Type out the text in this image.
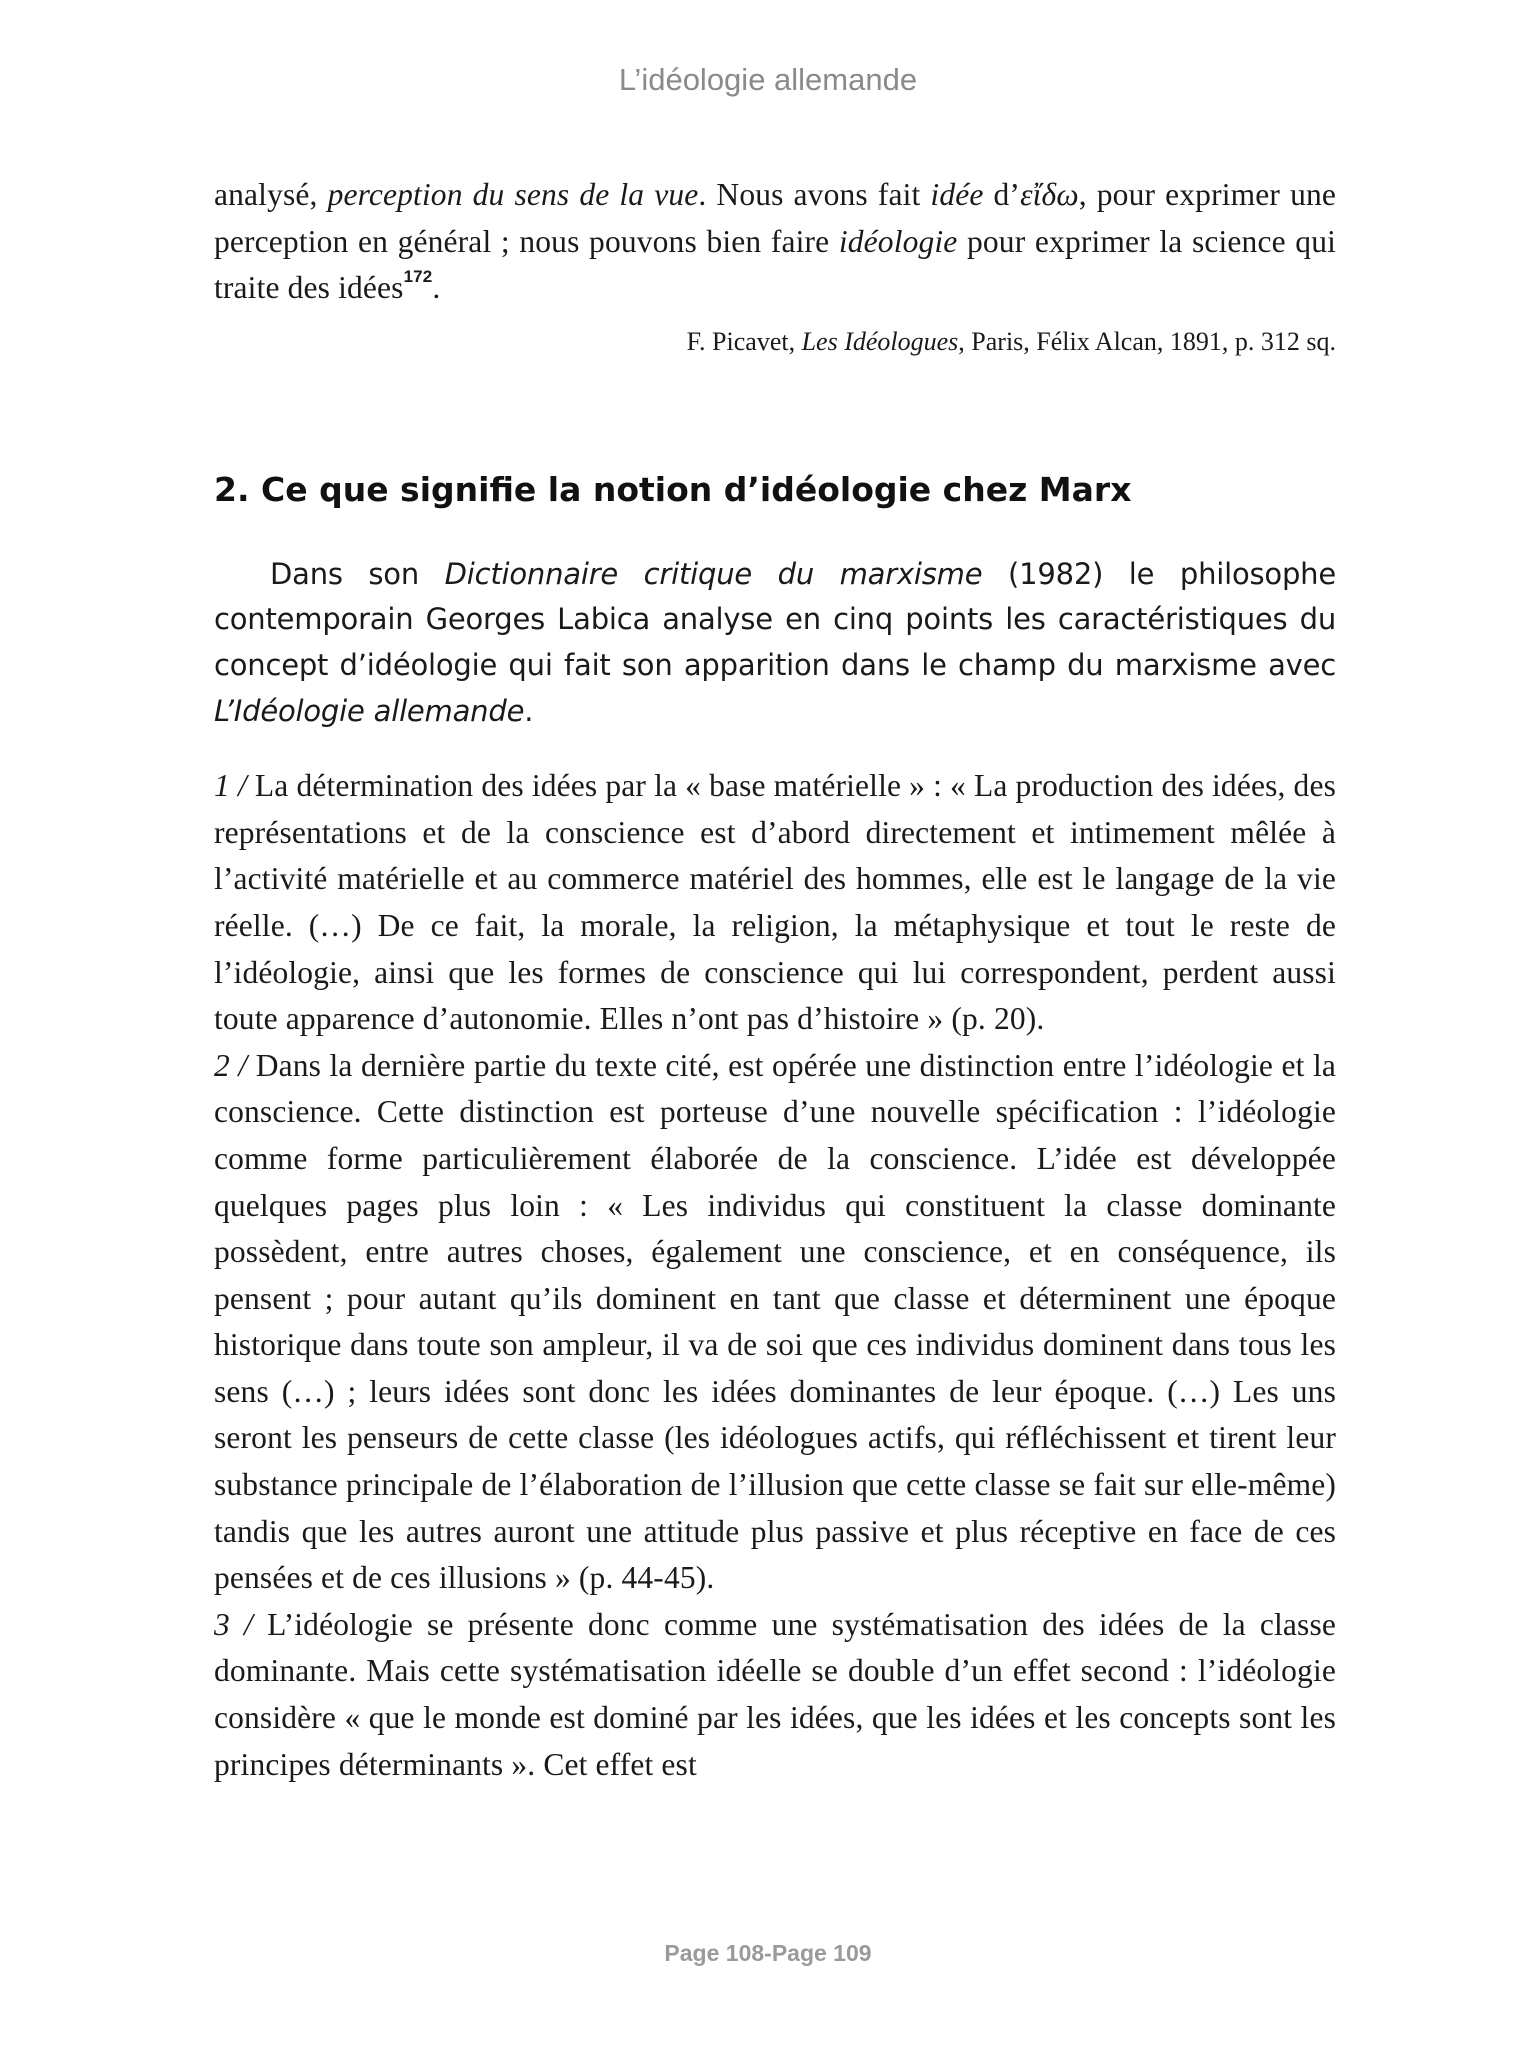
L’idéologie allemande

analysé, perception du sens de la vue. Nous avons fait idée d’εἴδω, pour exprimer une perception en général ; nous pouvons bien faire idéologie pour exprimer la science qui traite des idées$^{172}$.

F. Picavet, Les Idéologues, Paris, Félix Alcan, 1891, p. 312 sq.
2. Ce que signifie la notion d’idéologie chez Marx

Dans son Dictionnaire critique du marxisme (1982) le philosophe contemporain Georges Labica analyse en cinq points les caractéristiques du concept d’idéologie qui fait son apparition dans le champ du marxisme avec L’Idéologie allemande.

1 / La détermination des idées par la « base matérielle » : « La production des idées, des représentations et de la conscience est d’abord directement et intimement mêlée à l’activité matérielle et au commerce matériel des hommes, elle est le langage de la vie réelle. (…) De ce fait, la morale, la religion, la métaphysique et tout le reste de l’idéologie, ainsi que les formes de conscience qui lui correspondent, perdent aussi toute apparence d’autonomie. Elles n’ont pas d’histoire » (p. 20).

2 / Dans la dernière partie du texte cité, est opérée une distinction entre l’idéologie et la conscience. Cette distinction est porteuse d’une nouvelle spécification : l’idéologie comme forme particulièrement élaborée de la conscience. L’idée est développée quelques pages plus loin : « Les individus qui constituent la classe dominante possèdent, entre autres choses, également une conscience, et en conséquence, ils pensent ; pour autant qu’ils dominent en tant que classe et déterminent une époque historique dans toute son ampleur, il va de soi que ces individus dominent dans tous les sens (…) ; leurs idées sont donc les idées dominantes de leur époque. (…) Les uns seront les penseurs de cette classe (les idéologues actifs, qui réfléchissent et tirent leur substance principale de l’élaboration de l’illusion que cette classe se fait sur elle-même) tandis que les autres auront une attitude plus passive et plus réceptive en face de ces pensées et de ces illusions » (p. 44-45).

3 / L’idéologie se présente donc comme une systématisation des idées de la classe dominante. Mais cette systématisation idéelle se double d’un effet second : l’idéologie considère « que le monde est dominé par les idées, que les idées et les concepts sont les principes déterminants ». Cet effet est

Page 108-Page 109
